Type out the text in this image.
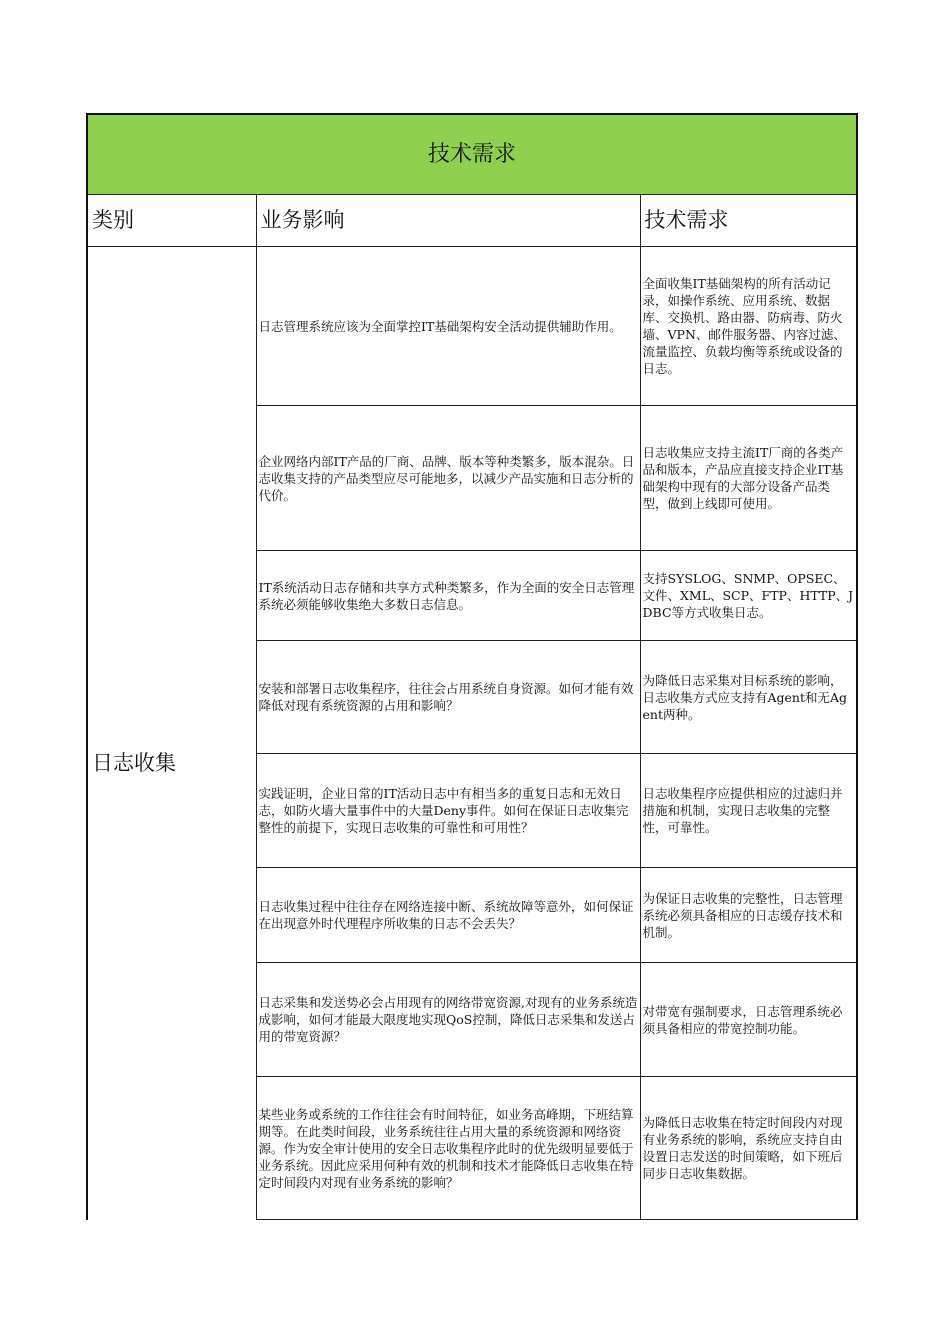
技术需求		
类别	业务影响	技术需求
日志收集	日志管理系统应该为全面掌控IT基础架构安全活动提供辅助作用。	全面收集IT基础架构的所有活动记录，如操作系统、应用系统、数据库、交换机、路由器、防病毒、防火墙、VPN、邮件服务器、内容过滤、流量监控、负载均衡等系统或设备的日志。
	企业网络内部IT产品的厂商、品牌、版本等种类繁多，版本混杂。日志收集支持的产品类型应尽可能地多，以减少产品实施和日志分析的代价。	日志收集应支持主流IT厂商的各类产品和版本，产品应直接支持企业IT基础架构中现有的大部分设备产品类型，做到上线即可使用。
	IT系统活动日志存储和共享方式种类繁多，作为全面的安全日志管理系统必须能够收集绝大多数日志信息。	支持SYSLOG、SNMP、OPSEC、文件、XML、SCP、FTP、HTTP、JDBC等方式收集日志。
	安装和部署日志收集程序，往往会占用系统自身资源。如何才能有效降低对现有系统资源的占用和影响？	为降低日志采集对目标系统的影响，日志收集方式应支持有Agent和无Agent两种。
	实践证明，企业日常的IT活动日志中有相当多的重复日志和无效日志，如防火墙大量事件中的大量Deny事件。如何在保证日志收集完整性的前提下，实现日志收集的可靠性和可用性？	日志收集程序应提供相应的过滤归并措施和机制，实现日志收集的完整性，可靠性。
	日志收集过程中往往存在网络连接中断、系统故障等意外，如何保证在出现意外时代理程序所收集的日志不会丢失？	为保证日志收集的完整性，日志管理系统必须具备相应的日志缓存技术和机制。
	日志采集和发送势必会占用现有的网络带宽资源,对现有的业务系统造成影响，如何才能最大限度地实现QoS控制，降低日志采集和发送占用的带宽资源？	对带宽有强制要求，日志管理系统必须具备相应的带宽控制功能。
	某些业务或系统的工作往往会有时间特征，如业务高峰期，下班结算期等。在此类时间段，业务系统往往占用大量的系统资源和网络资源。作为安全审计使用的安全日志收集程序此时的优先级明显要低于业务系统。因此应采用何种有效的机制和技术才能降低日志收集在特定时间段内对现有业务系统的影响？	为降低日志收集在特定时间段内对现有业务系统的影响，系统应支持自由设置日志发送的时间策略，如下班后同步日志收集数据。
